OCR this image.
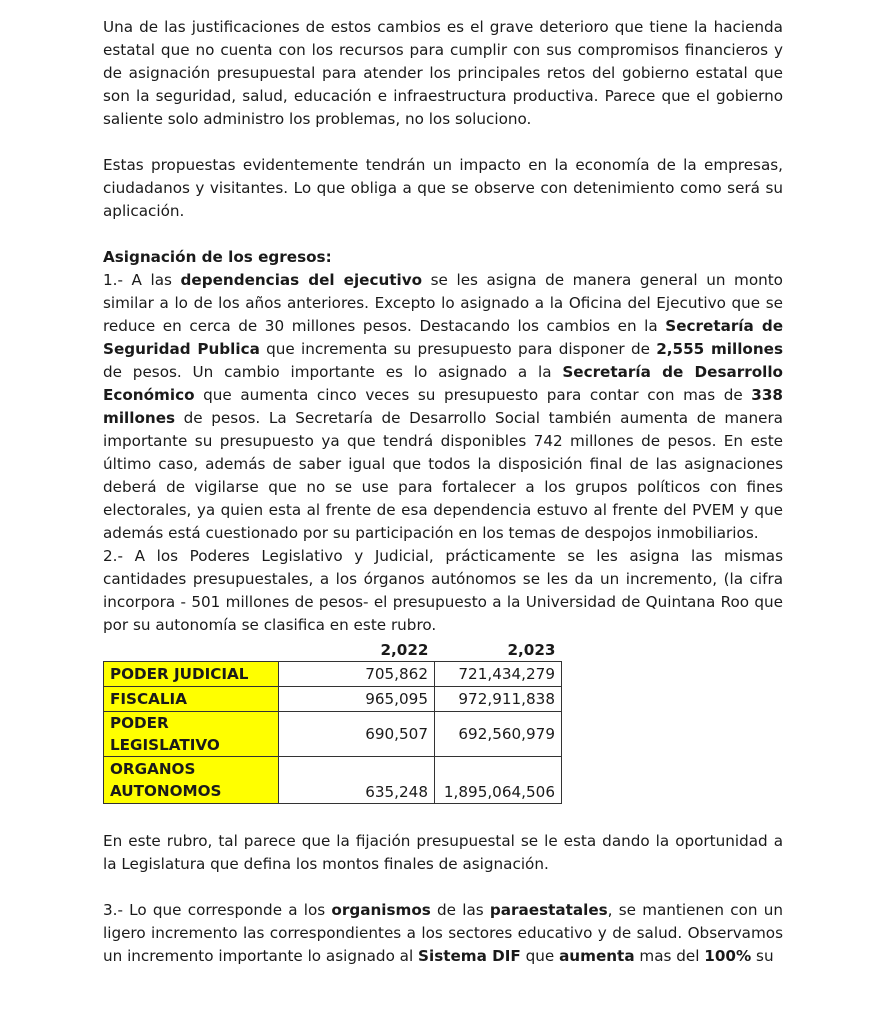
Una de las justificaciones de estos cambios es el grave deterioro que tiene la hacienda estatal que no cuenta con los recursos para cumplir con sus compromisos financieros y de asignación presupuestal para atender los principales retos del gobierno estatal que son la seguridad, salud, educación e infraestructura productiva. Parece que el gobierno saliente solo administro los problemas, no los soluciono.

Estas propuestas evidentemente tendrán un impacto en la economía de la empresas, ciudadanos y visitantes. Lo que obliga a que se observe con detenimiento como será su aplicación.

Asignación de los egresos:

1.- A las dependencias del ejecutivo se les asigna de manera general un monto similar a lo de los años anteriores. Excepto lo asignado a la Oficina del Ejecutivo que se reduce en cerca de 30 millones pesos. Destacando los cambios en la Secretaría de Seguridad Publica que incrementa su presupuesto para disponer de 2,555 millones de pesos. Un cambio importante es lo asignado a la Secretaría de Desarrollo Económico que aumenta cinco veces su presupuesto para contar con mas de 338 millones de pesos. La Secretaría de Desarrollo Social también aumenta de manera importante su presupuesto ya que tendrá disponibles 742 millones de pesos. En este último caso, además de saber igual que todos la disposición final de las asignaciones deberá de vigilarse que no se use para fortalecer a los grupos políticos con fines electorales, ya quien esta al frente de esa dependencia estuvo al frente del PVEM y que además está cuestionado por su participación en los temas de despojos inmobiliarios.

2.- A los Poderes Legislativo y Judicial, prácticamente se les asigna las mismas cantidades presupuestales, a los órganos autónomos se les da un incremento, (la cifra incorpora - 501 millones de pesos- el presupuesto a la Universidad de Quintana Roo que por su autonomía se clasifica en este rubro.

	2,022	2,023
PODER JUDICIAL	705,862	721,434,279
FISCALIA	965,095	972,911,838
PODER LEGISLATIVO	690,507	692,560,979
ORGANOS
AUTONOMOS	635,248	1,895,064,506

En este rubro, tal parece que la fijación presupuestal se le esta dando la oportunidad a la Legislatura que defina los montos finales de asignación.

3.- Lo que corresponde a los organismos de las paraestatales, se mantienen con un ligero incremento las correspondientes a los sectores educativo y de salud. Observamos un incremento importante lo asignado al Sistema DIF que aumenta mas del 100% su
